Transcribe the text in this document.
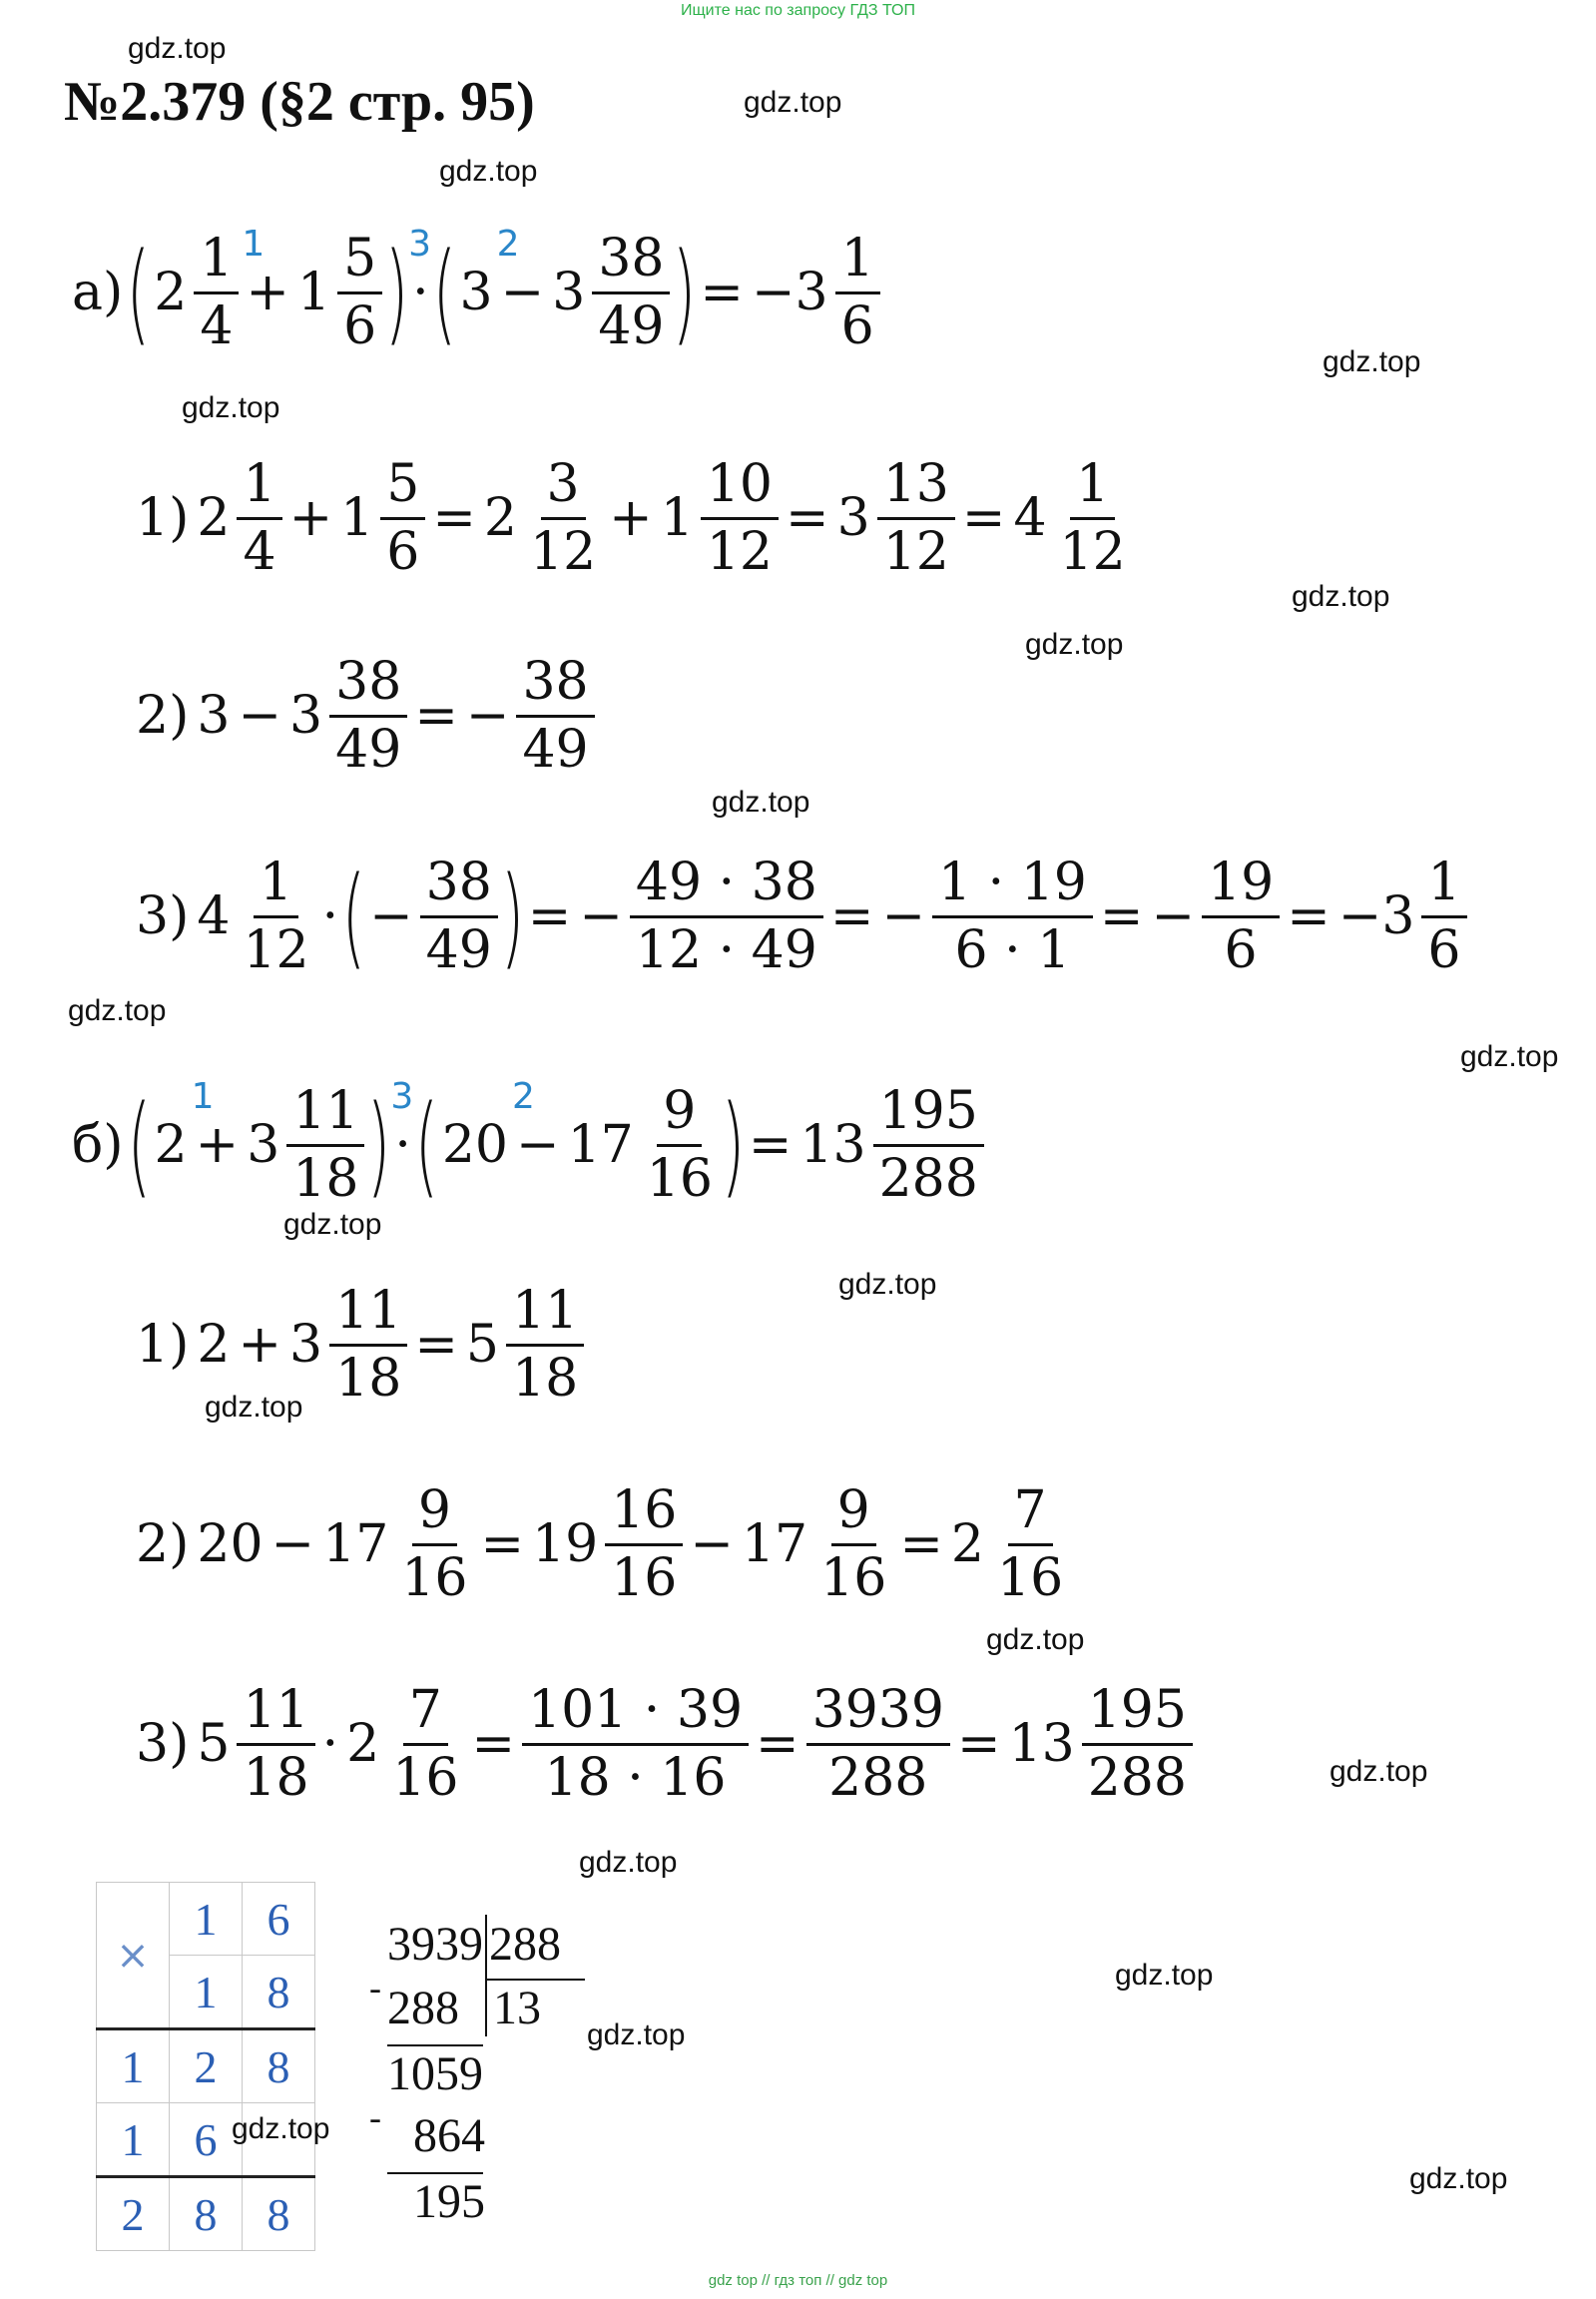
Ищите нас по запросу ГДЗ ТОП
№2.379 (§2 стр. 95)
gdz.top
gdz.top
gdz.top
gdz.top
gdz.top
gdz.top
gdz.top
gdz.top
gdz.top
gdz.top
gdz.top
gdz.top
gdz.top
gdz.top
gdz.top
gdz.top
gdz.top
gdz.top
gdz.top
а) ( $2 \frac{1}{4}$ +
1
$1 \frac{5}{6}$ ) ·
3 ( 3 −
2
$3 \frac{38}{49}$ ) = $-3 \frac{1}{6}$
1) $2 \frac{1}{4} + 1 \frac{5}{6} = 2 \frac{3}{12} + 1 \frac{10}{12} = 3 \frac{13}{12} = 4 \frac{1}{12}$
2) $3 - 3 \frac{38}{49}$ = − $\frac{38}{49}$
3) $4 \frac{1}{12}$ · ( − $\frac{38}{49}$ ) = − $\frac{49 \cdot 38}{12 \cdot 49}$ = − $\frac{1 \cdot 19}{6 \cdot 1}$ = − $\frac{19}{6} = -3 \frac{1}{6}$
б) ( 2 +
1
$3 \frac{11}{18}$ ) ·
3 ( 20 −
2
$17 \frac{9}{16}$ ) = $13 \frac{195}{288}$
1) $2 + 3 \frac{11}{18} = 5 \frac{11}{18}$
2) $20 - 17 \frac{9}{16} = 19 \frac{16}{16} - 17 \frac{9}{16} = 2 \frac{7}{16}$
3) $5 \frac{11}{18} \cdot 2 \frac{7}{16} = \frac{101 \cdot 39}{18 \cdot 16} = \frac{3939}{288} = 13 \frac{195}{288}$
×	1	6
	1	8
1	2	8
1	6	
2	8	8
gdz.top
3939 288
13
- 288
1059
- 864
195
gdz top // гдз топ // gdz top
